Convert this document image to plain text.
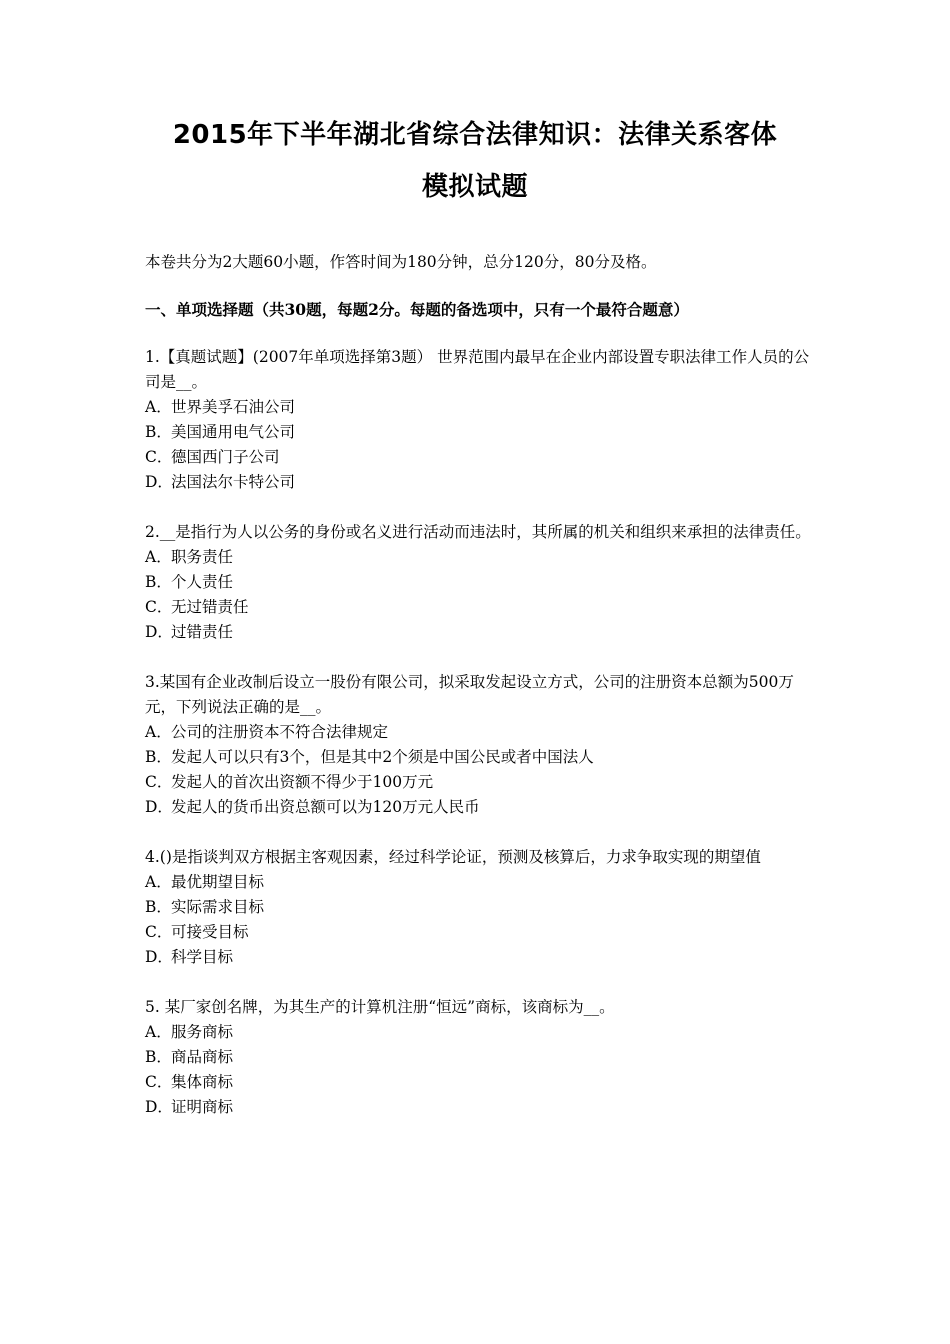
2015年下半年湖北省综合法律知识：法律关系客体
模拟试题

本卷共分为2大题60小题，作答时间为180分钟，总分120分，80分及格。

一、单项选择题（共30题，每题2分。每题的备选项中，只有一个最符合题意）

1.【真题试题】(2007年单项选择第3题） 世界范围内最早在企业内部设置专职法律工作人员的公司是__。

A．世界美孚石油公司

B．美国通用电气公司

C．德国西门子公司

D．法国法尔卡特公司

2.__是指行为人以公务的身份或名义进行活动而违法时，其所属的机关和组织来承担的法律责任。

A．职务责任

B．个人责任

C．无过错责任

D．过错责任

3.某国有企业改制后设立一股份有限公司，拟采取发起设立方式，公司的注册资本总额为500万元，下列说法正确的是__。

A．公司的注册资本不符合法律规定

B．发起人可以只有3个，但是其中2个须是中国公民或者中国法人

C．发起人的首次出资额不得少于100万元

D．发起人的货币出资总额可以为120万元人民币

4.()是指谈判双方根据主客观因素，经过科学论证，预测及核算后，力求争取实现的期望值

A．最优期望目标

B．实际需求目标

C．可接受目标

D．科学目标

5. 某厂家创名牌，为其生产的计算机注册“恒远”商标，该商标为__。

A．服务商标

B．商品商标

C．集体商标

D．证明商标
